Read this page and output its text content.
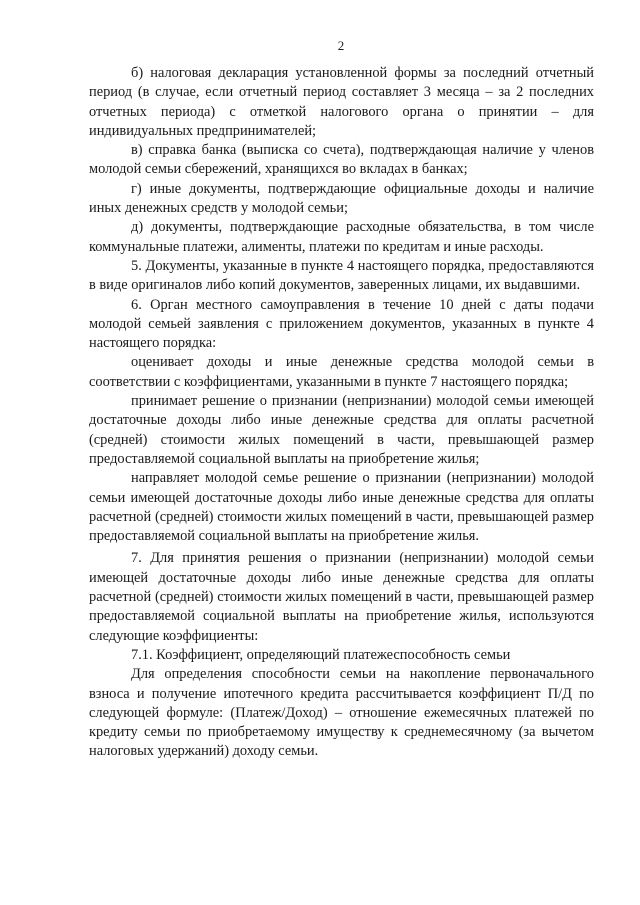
2

б) налоговая декларация установленной формы за последний отчетный период (в случае, если отчетный период составляет 3 месяца – за 2 последних отчетных периода) с отметкой налогового органа о принятии – для индивидуальных предпринимателей;

в) справка банка (выписка со счета), подтверждающая наличие у членов молодой семьи сбережений, хранящихся во вкладах в банках;

г) иные документы, подтверждающие официальные доходы и наличие иных денежных средств у молодой семьи;

д) документы, подтверждающие расходные обязательства, в том числе коммунальные платежи, алименты, платежи по кредитам и иные расходы.

5. Документы, указанные в пункте 4 настоящего порядка, предоставляются в виде оригиналов либо копий документов, заверенных лицами, их выдавшими.

6. Орган местного самоуправления в течение 10 дней с даты подачи молодой семьей заявления с приложением документов, указанных в пункте 4 настоящего порядка:

оценивает доходы и иные денежные средства молодой семьи в соответствии с коэффициентами, указанными в пункте 7 настоящего порядка;

принимает решение о признании (непризнании) молодой семьи имеющей достаточные доходы либо иные денежные средства для оплаты расчетной (средней) стоимости жилых помещений в части, превышающей размер предоставляемой социальной выплаты на приобретение жилья;

направляет молодой семье решение о признании (непризнании) молодой семьи имеющей достаточные доходы либо иные денежные средства для оплаты расчетной (средней) стоимости жилых помещений в части, превышающей размер предоставляемой социальной выплаты на приобретение жилья.

7. Для принятия решения о признании (непризнании) молодой семьи имеющей достаточные доходы либо иные денежные средства для оплаты расчетной (средней) стоимости жилых помещений в части, превышающей размер предоставляемой социальной выплаты на приобретение жилья, используются следующие коэффициенты:

7.1. Коэффициент, определяющий платежеспособность семьи

Для определения способности семьи на накопление первоначального взноса и получение ипотечного кредита рассчитывается коэффициент П/Д по следующей формуле: (Платеж/Доход) – отношение ежемесячных платежей по кредиту семьи по приобретаемому имуществу к среднемесячному (за вычетом налоговых удержаний) доходу семьи.
